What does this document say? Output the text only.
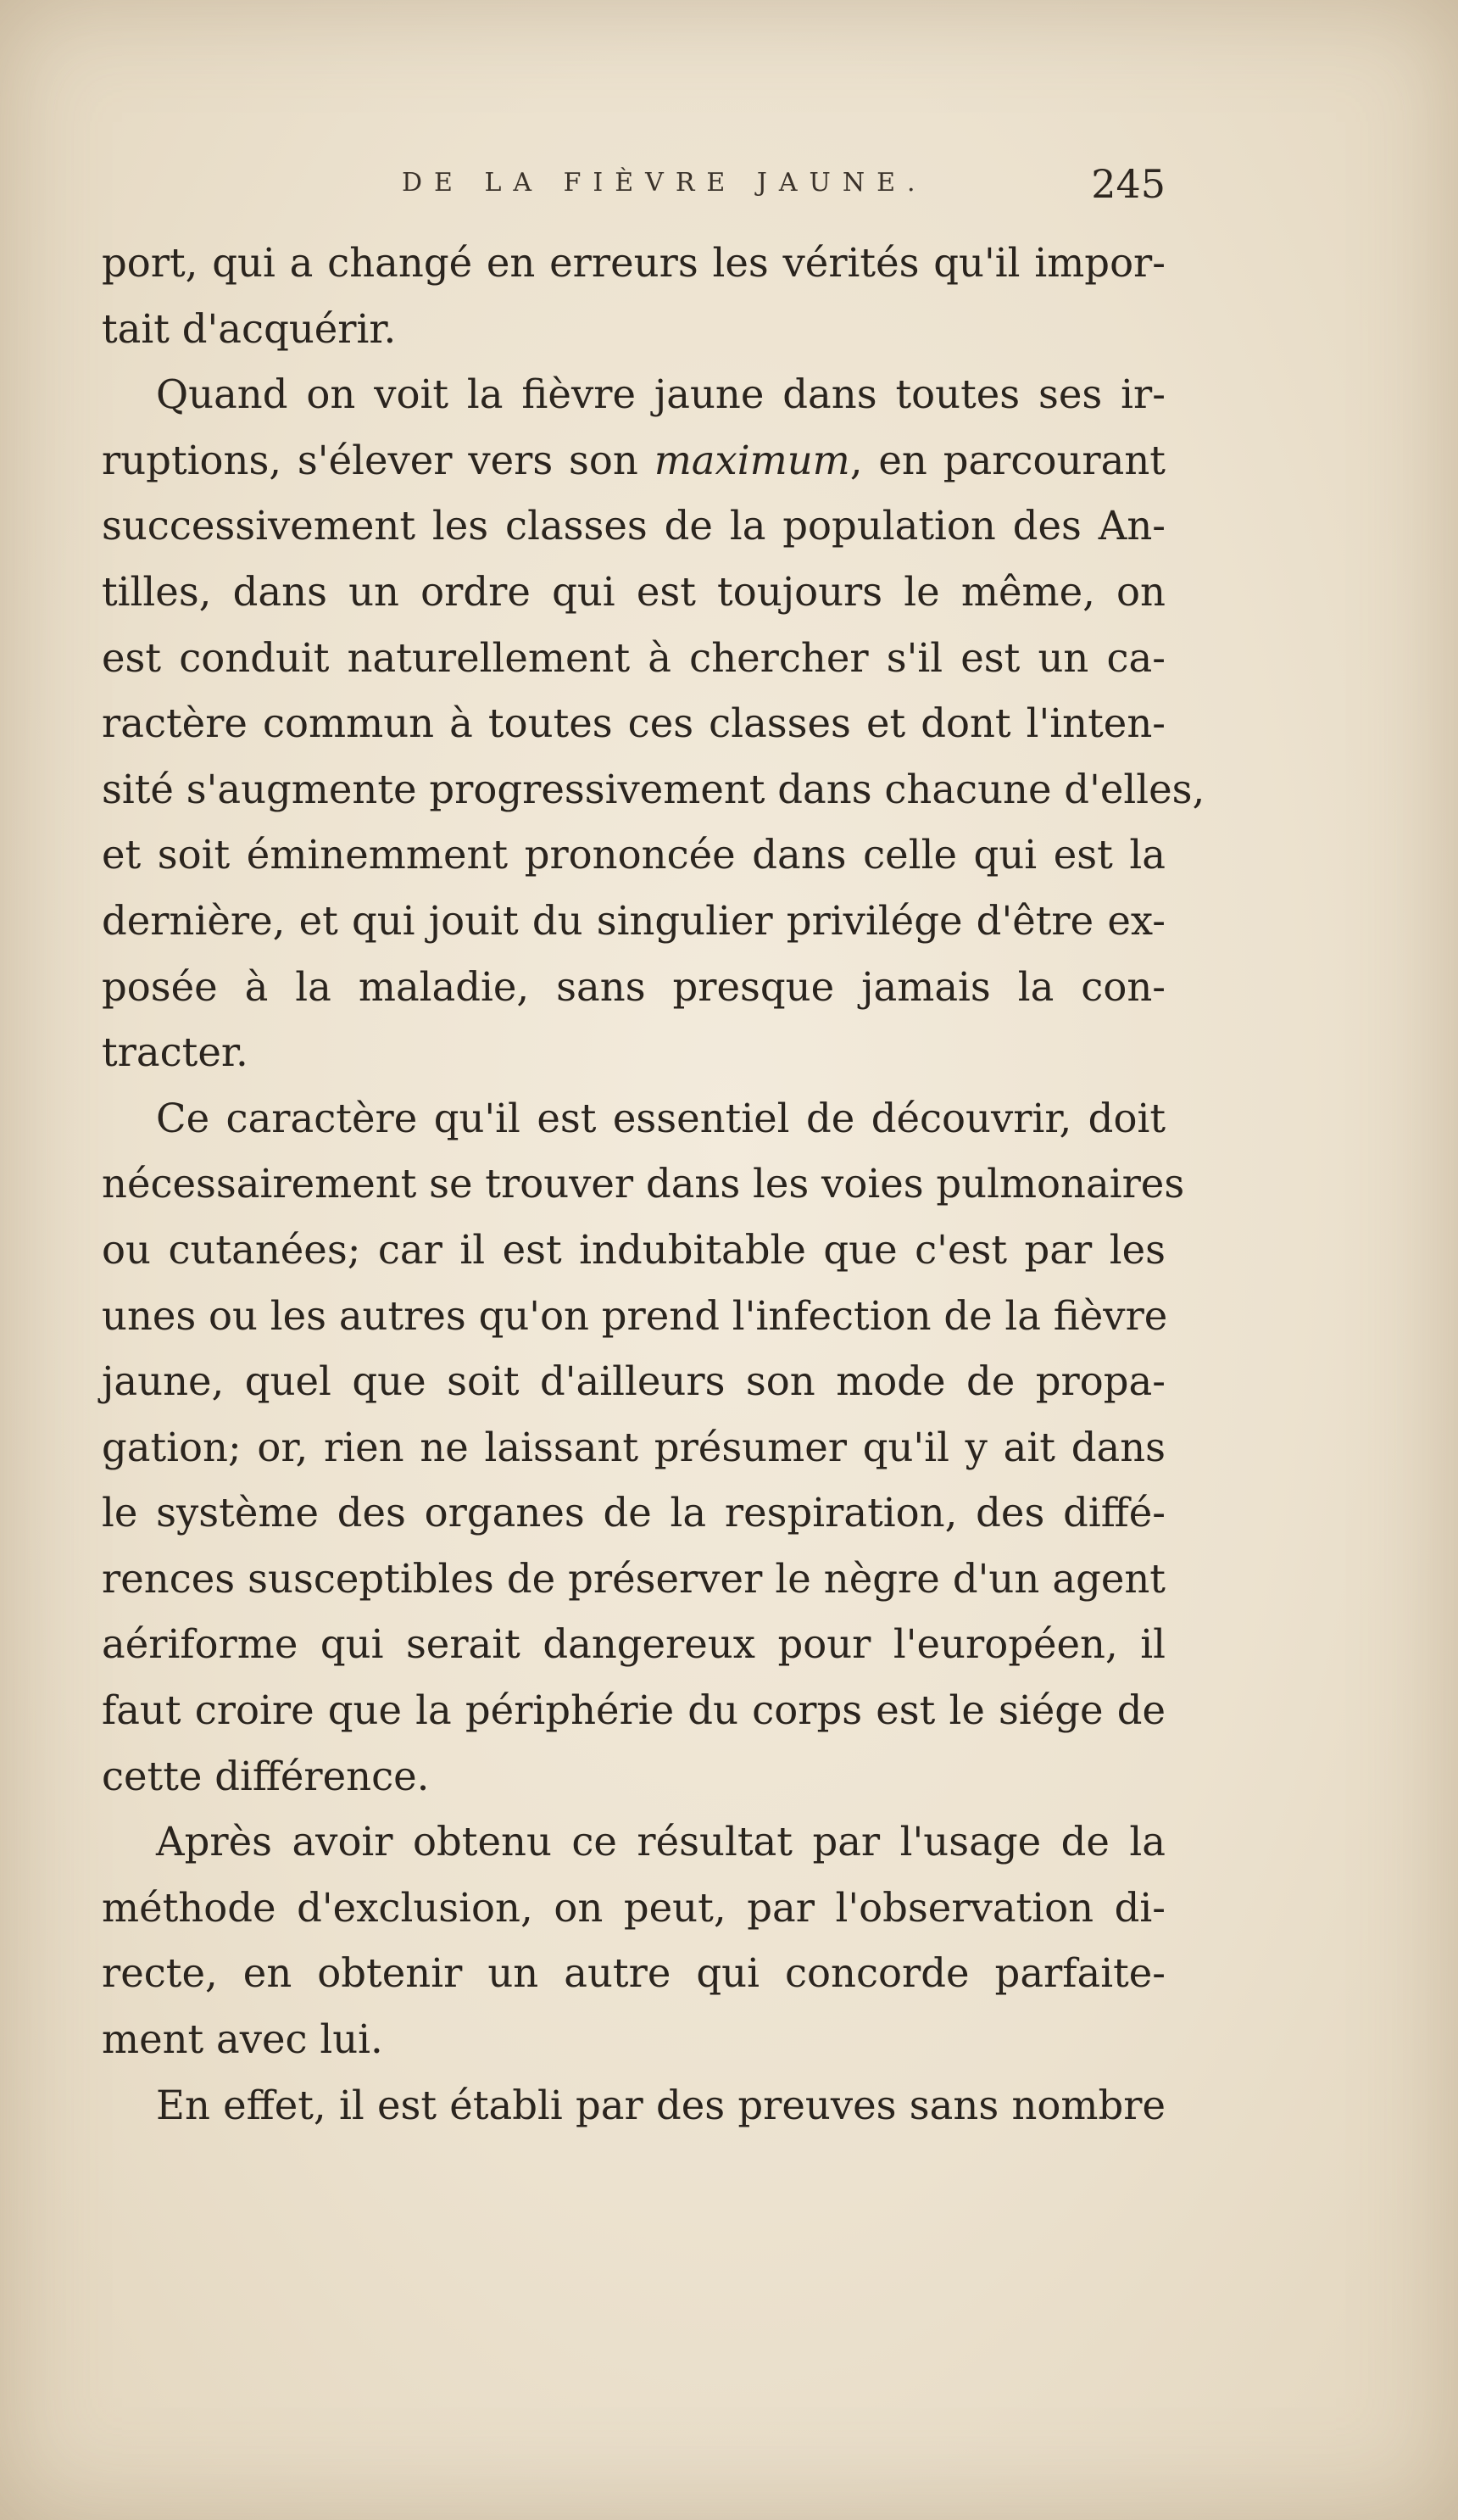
DE LA FIÈVRE JAUNE.	245

port, qui a changé en erreurs les vérités qu'il impor-
tait d'acquérir.

Quand on voit la fièvre jaune dans toutes ses ir-
ruptions, s'élever vers son maximum, en parcourant
successivement les classes de la population des An-
tilles, dans un ordre qui est toujours le même, on
est conduit naturellement à chercher s'il est un ca-
ractère commun à toutes ces classes et dont l'inten-
sité s'augmente progressivement dans chacune d'elles,
et soit éminemment prononcée dans celle qui est la
dernière, et qui jouit du singulier privilége d'être ex-
posée à la maladie, sans presque jamais la con-
tracter.

Ce caractère qu'il est essentiel de découvrir, doit
nécessairement se trouver dans les voies pulmonaires
ou cutanées; car il est indubitable que c'est par les
unes ou les autres qu'on prend l'infection de la fièvre
jaune, quel que soit d'ailleurs son mode de propa-
gation; or, rien ne laissant présumer qu'il y ait dans
le système des organes de la respiration, des diffé-
rences susceptibles de préserver le nègre d'un agent
aériforme qui serait dangereux pour l'européen, il
faut croire que la périphérie du corps est le siége de
cette différence.

Après avoir obtenu ce résultat par l'usage de la
méthode d'exclusion, on peut, par l'observation di-
recte, en obtenir un autre qui concorde parfaite-
ment avec lui.

En effet, il est établi par des preuves sans nombre
